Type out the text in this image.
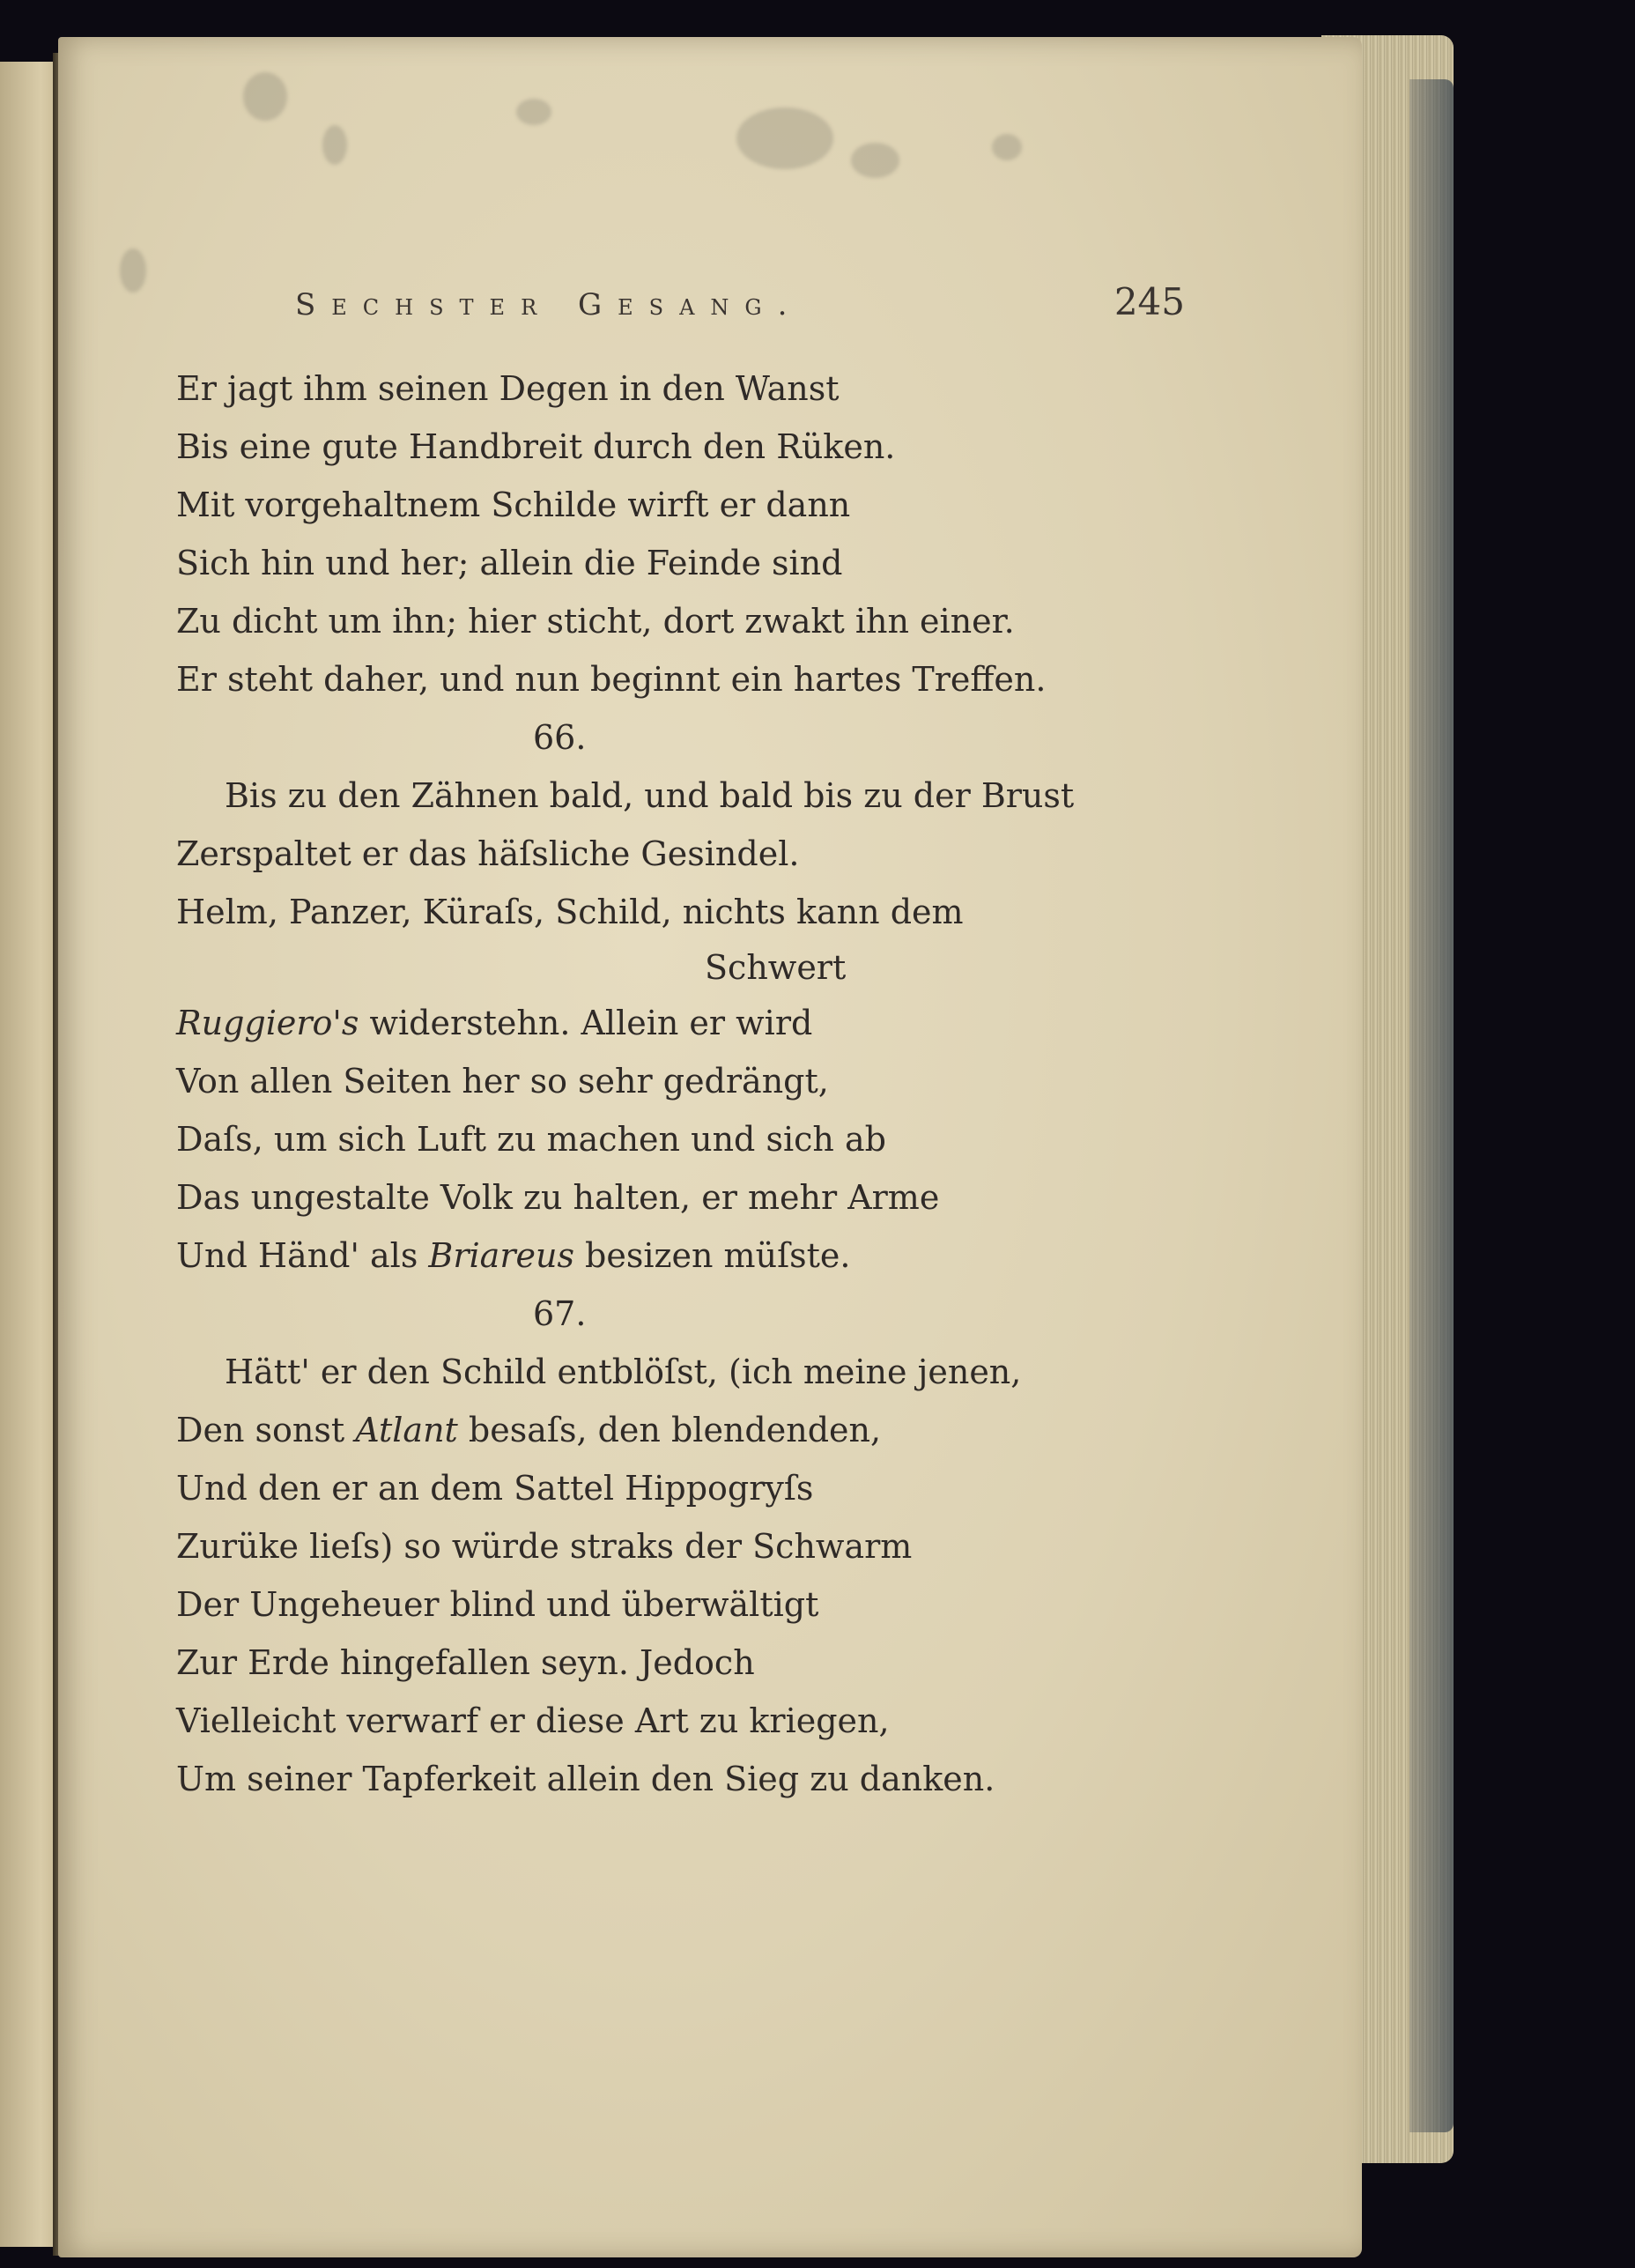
Sechster Gesang.	245
Er jagt ihm seinen Degen in den Wanst
Bis eine gute Handbreit durch den Rüken.
Mit vorgehaltnem Schilde wirft er dann
Sich hin und her; allein die Feinde sind
Zu dicht um ihn; hier sticht, dort zwakt ihn einer.
Er steht daher, und nun beginnt ein hartes Treffen.
66.
Bis zu den Zähnen bald, und bald bis zu der Brust
Zerspaltet er das häſsliche Gesindel.
Helm, Panzer, Küraſs, Schild, nichts kann dem
Schwert
Ruggiero's widerstehn. Allein er wird
Von allen Seiten her so sehr gedrängt,
Daſs, um sich Luft zu machen und sich ab
Das ungestalte Volk zu halten, er mehr Arme
Und Händ' als Briareus besizen müſste.
67.
Hätt' er den Schild entblöſst, (ich meine jenen,
Den sonst Atlant besaſs, den blendenden,
Und den er an dem Sattel Hippogryſs
Zurüke lieſs) so würde straks der Schwarm
Der Ungeheuer blind und überwältigt
Zur Erde hingefallen seyn. Jedoch
Vielleicht verwarf er diese Art zu kriegen,
Um seiner Tapferkeit allein den Sieg zu danken.
